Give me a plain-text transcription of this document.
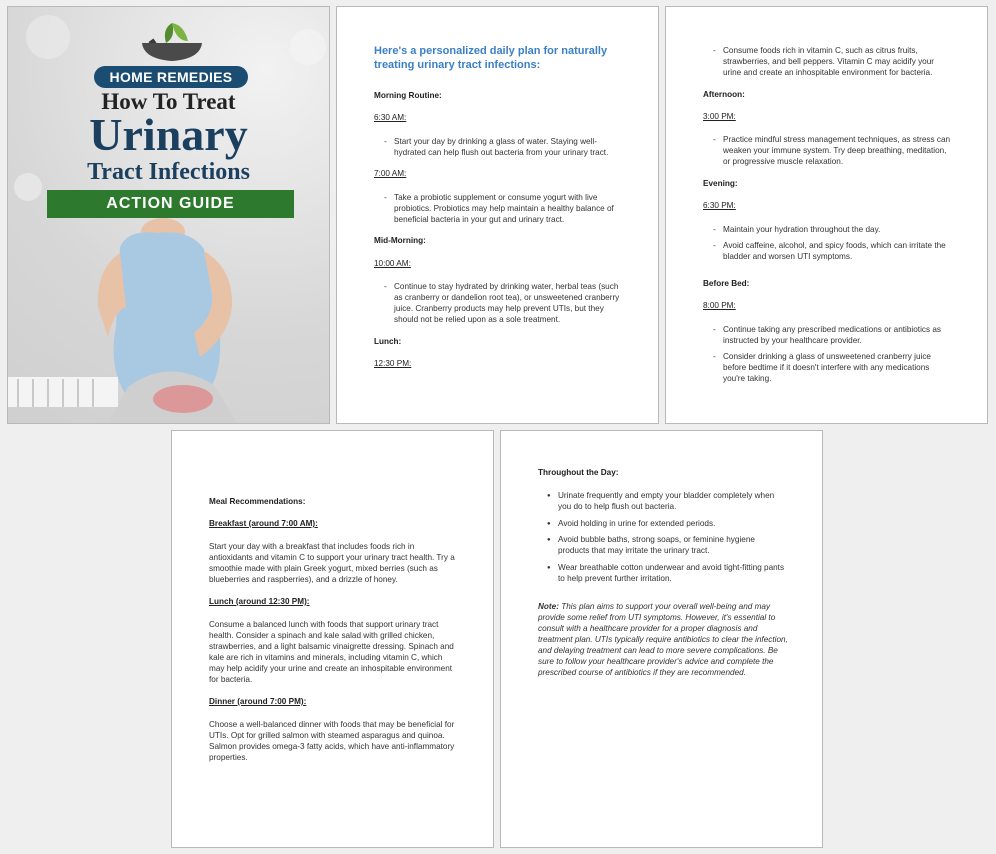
HOME REMEDIES
How To Treat
Urinary
Tract Infections
ACTION GUIDE
Here's a personalized daily plan for naturally treating urinary tract infections:
Morning Routine:
6:30 AM:
- Start your day by drinking a glass of water. Staying well-hydrated can help flush out bacteria from your urinary tract.
7:00 AM:
- Take a probiotic supplement or consume yogurt with live probiotics. Probiotics may help maintain a healthy balance of beneficial bacteria in your gut and urinary tract.
Mid-Morning:
10:00 AM:
- Continue to stay hydrated by drinking water, herbal teas (such as cranberry or dandelion root tea), or unsweetened cranberry juice. Cranberry products may help prevent UTIs, but they should not be relied upon as a sole treatment.
Lunch:
12:30 PM:
- Consume foods rich in vitamin C, such as citrus fruits, strawberries, and bell peppers. Vitamin C may acidify your urine and create an inhospitable environment for bacteria.
Afternoon:
3:00 PM:
- Practice mindful stress management techniques, as stress can weaken your immune system. Try deep breathing, meditation, or progressive muscle relaxation.
Evening:
6:30 PM:
- Maintain your hydration throughout the day.
- Avoid caffeine, alcohol, and spicy foods, which can irritate the bladder and worsen UTI symptoms.
Before Bed:
8:00 PM:
- Continue taking any prescribed medications or antibiotics as instructed by your healthcare provider.
- Consider drinking a glass of unsweetened cranberry juice before bedtime if it doesn't interfere with any medications you're taking.
Meal Recommendations:
Breakfast (around 7:00 AM):
Start your day with a breakfast that includes foods rich in antioxidants and vitamin C to support your urinary tract health. Try a smoothie made with plain Greek yogurt, mixed berries (such as blueberries and raspberries), and a drizzle of honey.
Lunch (around 12:30 PM):
Consume a balanced lunch with foods that support urinary tract health. Consider a spinach and kale salad with grilled chicken, strawberries, and a light balsamic vinaigrette dressing. Spinach and kale are rich in vitamins and minerals, including vitamin C, which may help acidify your urine and create an inhospitable environment for bacteria.
Dinner (around 7:00 PM):
Choose a well-balanced dinner with foods that may be beneficial for UTIs. Opt for grilled salmon with steamed asparagus and quinoa. Salmon provides omega-3 fatty acids, which have anti-inflammatory properties.
Throughout the Day:
● Urinate frequently and empty your bladder completely when you do to help flush out bacteria.
● Avoid holding in urine for extended periods.
● Avoid bubble baths, strong soaps, or feminine hygiene products that may irritate the urinary tract.
● Wear breathable cotton underwear and avoid tight-fitting pants to help prevent further irritation.
Note: This plan aims to support your overall well-being and may provide some relief from UTI symptoms. However, it's essential to consult with a healthcare provider for a proper diagnosis and treatment plan. UTIs typically require antibiotics to clear the infection, and delaying treatment can lead to more severe complications. Be sure to follow your healthcare provider's advice and complete the prescribed course of antibiotics if they are recommended.
